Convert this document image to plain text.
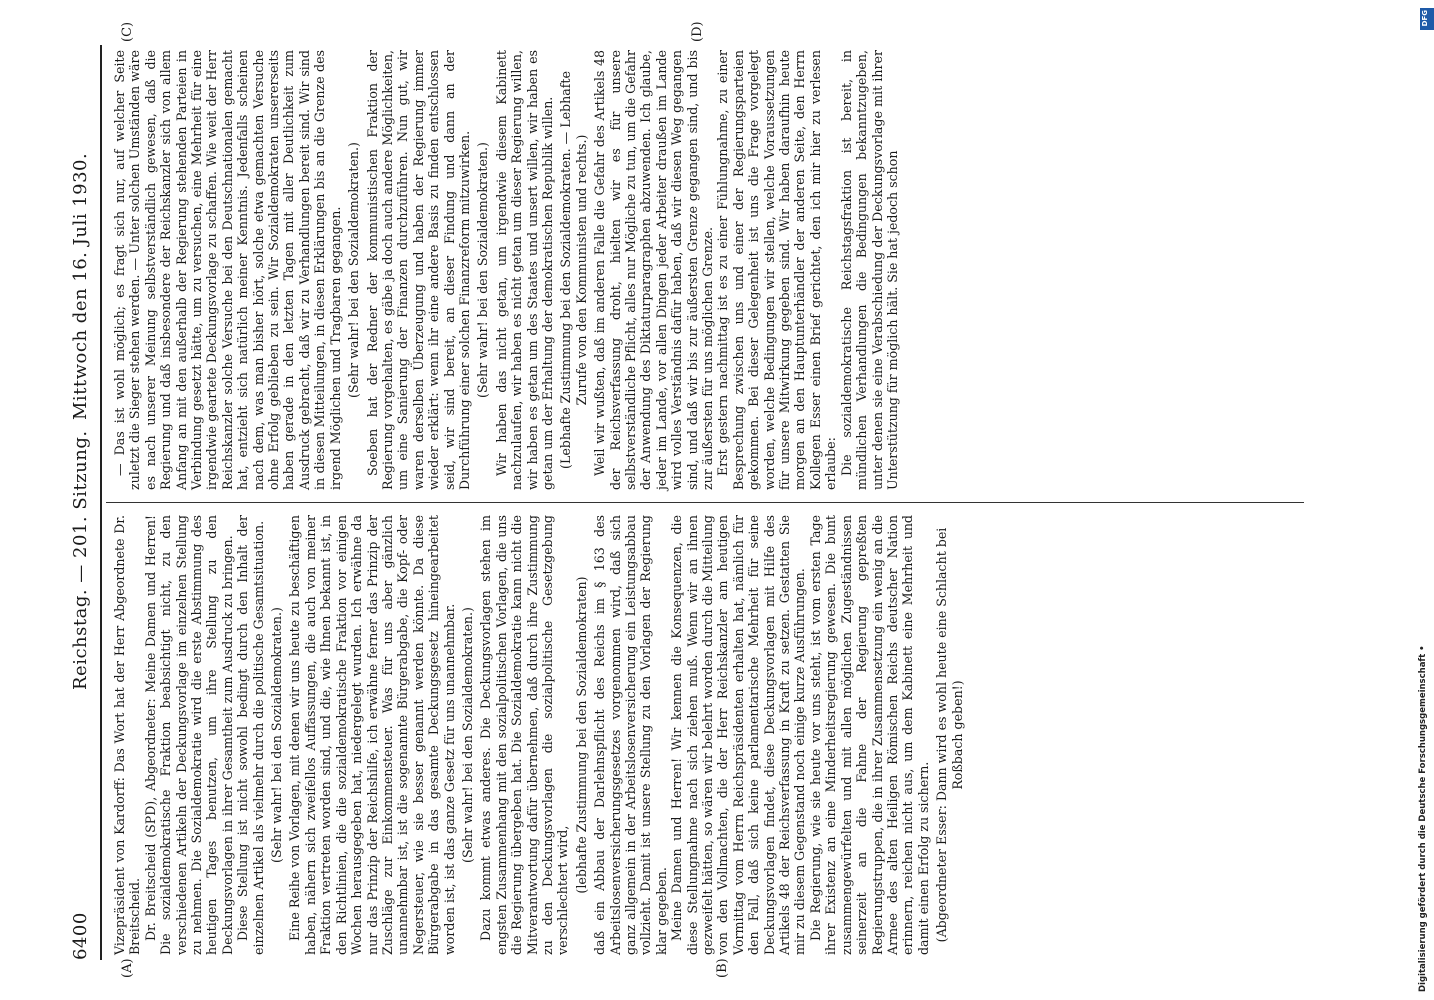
6400
Reichstag. — 201. Sitzung.
Mittwoch den 16. Juli 1930.
(A)	(B)
(C)	(D)

Vizepräsident von Kardorff: Das Wort hat der Herr Abgeordnete Dr. Breitscheid. Dr. Breitscheid (SPD), Abgeordneter: Meine Damen und Herren! Die sozialdemokratische Fraktion beabsichtigt nicht, zu den verschiedenen Artikeln der Deckungsvorlage im einzelnen Stellung zu nehmen. Die Sozialdemokratie wird die erste Abstimmung des heutigen Tages benutzen, um ihre Stellung zu den Deckungsvorlagen in ihrer Gesamtheit zum Ausdruck zu bringen. Diese Stellung ist nicht sowohl bedingt durch den Inhalt der einzelnen Artikel als vielmehr durch die politische Gesamtsituation. (Sehr wahr! bei den Sozialdemokraten.) Eine Reihe von Vorlagen, mit denen wir uns heute zu beschäftigen haben, nähern sich zweifellos Auffassungen, die auch von meiner Fraktion vertreten worden sind, und die, wie Ihnen bekannt ist, in den Richtlinien, die die sozialdemokratische Fraktion vor einigen Wochen herausgegeben hat, niedergelegt wurden. Ich erwähne da nur das Prinzip der Reichshilfe, ich erwähne ferner das Prinzip der Zuschläge zur Einkommensteuer. Was für uns aber gänzlich unannehmbar ist, ist die sogenannte Bürgerabgabe, die Kopf- oder Negersteuer, wie sie besser genannt werden könnte. Da diese Bürgerabgabe in das gesamte Deckungsgesetz hineingearbeitet worden ist, ist das ganze Gesetz für uns unannehmbar. (Sehr wahr! bei den Sozialdemokraten.) Dazu kommt etwas anderes. Die Deckungsvorlagen stehen im engsten Zusammenhang mit den sozialpolitischen Vorlagen, die uns die Regierung übergeben hat. Die Sozialdemokratie kann nicht die Mitverantwortung dafür übernehmen, daß durch ihre Zustimmung zu den Deckungsvorlagen die sozialpolitische Gesetzgebung verschlechtert wird, (lebhafte Zustimmung bei den Sozialdemokraten) daß ein Abbau der Darlehnspflicht des Reichs im § 163 des Arbeitslosenversicherungsgesetzes vorgenommen wird, daß sich ganz allgemein in der Arbeitslosenversicherung ein Leistungsabbau vollzieht. Damit ist unsere Stellung zu den Vorlagen der Regierung klar gegeben. Meine Damen und Herren! Wir kennen die Konsequenzen, die diese Stellungnahme nach sich ziehen muß. Wenn wir an ihnen gezweifelt hätten, so wären wir belehrt worden durch die Mitteilung von den Vollmachten, die der Herr Reichskanzler am heutigen Vormittag vom Herrn Reichspräsidenten erhalten hat, nämlich für den Fall, daß sich keine parlamentarische Mehrheit für seine Deckungsvorlagen findet, diese Deckungsvorlagen mit Hilfe des Artikels 48 der Reichsverfassung in Kraft zu setzen. Gestatten Sie mir zu diesem Gegenstand noch einige kurze Ausführungen. Die Regierung, wie sie heute vor uns steht, ist vom ersten Tage ihrer Existenz an eine Minderheitsregierung gewesen. Die bunt zusammengewürfelten und mit allen möglichen Zugeständnissen seinerzeit an die Fahne der Regierung gepreßten Regierungstruppen, die in ihrer Zusammensetzung ein wenig an die Armee des alten Heiligen Römischen Reichs deutscher Nation erinnern, reichen nicht aus, um dem Kabinett eine Mehrheit und damit einen Erfolg zu sichern. (Abgeordneter Esser: Dann wird es wohl heute eine Schlacht bei Roßbach geben!)

— Das ist wohl möglich; es fragt sich nur, auf welcher Seite zuletzt die Sieger stehen werden. — Unter solchen Umständen wäre es nach unserer Meinung selbstverständlich gewesen, daß die Regierung und daß insbesondere der Reichskanzler sich von allem Anfang an mit den außerhalb der Regierung stehenden Parteien in Verbindung gesetzt hätte, um zu versuchen, eine Mehrheit für eine irgendwie geartete Deckungsvorlage zu schaffen. Wie weit der Herr Reichskanzler solche Versuche bei den Deutschnationalen gemacht hat, entzieht sich natürlich meiner Kenntnis. Jedenfalls scheinen nach dem, was man bisher hört, solche etwa gemachten Versuche ohne Erfolg geblieben zu sein. Wir Sozialdemokraten unsererseits haben gerade in den letzten Tagen mit aller Deutlichkeit zum Ausdruck gebracht, daß wir zu Verhandlungen bereit sind. Wir sind in diesen Mitteilungen, in diesen Erklärungen bis an die Grenze des irgend Möglichen und Tragbaren gegangen. (Sehr wahr! bei den Sozialdemokraten.) Soeben hat der Redner der kommunistischen Fraktion der Regierung vorgehalten, es gäbe ja doch auch andere Möglichkeiten, um eine Sanierung der Finanzen durchzuführen. Nun gut, wir waren derselben Überzeugung und haben der Regierung immer wieder erklärt: wenn ihr eine andere Basis zu finden entschlossen seid, wir sind bereit, an dieser Findung und dann an der Durchführung einer solchen Finanzreform mitzuwirken. (Sehr wahr! bei den Sozialdemokraten.) Wir haben das nicht getan, um irgendwie diesem Kabinett nachzulaufen, wir haben es nicht getan um dieser Regierung willen, wir haben es getan um des Staates und unsert willen, wir haben es getan um der Erhaltung der demokratischen Republik willen. (Lebhafte Zustimmung bei den Sozialdemokraten. — Lebhafte Zurufe von den Kommunisten und rechts.) Weil wir wußten, daß im anderen Falle die Gefahr des Artikels 48 der Reichsverfassung droht, hielten wir es für unsere selbstverständliche Pflicht, alles nur Mögliche zu tun, um die Gefahr der Anwendung des Diktaturparagraphen abzuwenden. Ich glaube, jeder im Lande, vor allen Dingen jeder Arbeiter draußen im Lande wird volles Verständnis dafür haben, daß wir diesen Weg gegangen sind, und daß wir bis zur äußersten Grenze gegangen sind, und bis zur äußersten für uns möglichen Grenze. Erst gestern nachmittag ist es zu einer Fühlungnahme, zu einer Besprechung zwischen uns und einer der Regierungsparteien gekommen. Bei dieser Gelegenheit ist uns die Frage vorgelegt worden, welche Bedingungen wir stellen, welche Voraussetzungen für unsere Mitwirkung gegeben sind. Wir haben daraufhin heute morgen an den Hauptunterhändler der anderen Seite, den Herrn Kollegen Esser einen Brief gerichtet, den ich mir hier zu verlesen erlaube: Die sozialdemokratische Reichstagsfraktion ist bereit, in mündlichen Verhandlungen die Bedingungen bekanntzugeben, unter denen sie eine Verabschiedung der Deckungsvorlage mit ihrer Unterstützung für möglich hält. Sie hat jedoch schon

DFG
Digitalisierung gefördert durch die Deutsche Forschungsgemeinschaft •
